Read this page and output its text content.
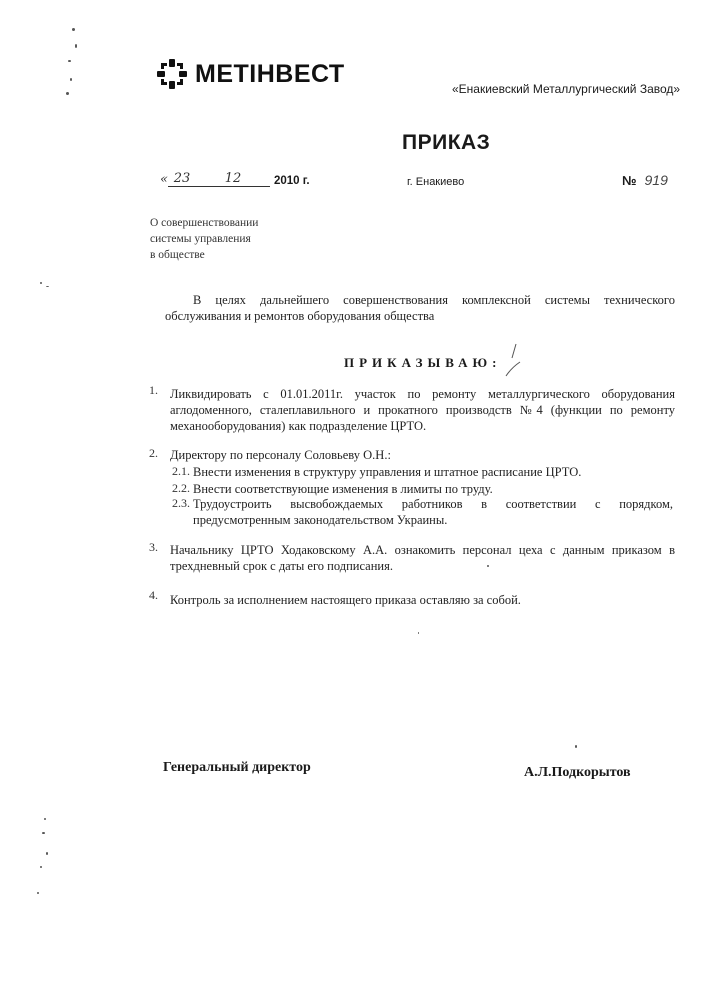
МЕТІНВЕСТ
«Енакиевский Металлургический Завод»
ПРИКАЗ
« 23	12	2010 г.	г. Енакиево	№ 919
О совершенствовании
системы управления
в обществе
В целях дальнейшего совершенствования комплексной системы технического обслуживания и ремонтов оборудования общества
ПРИКАЗЫВАЮ:
1. Ликвидировать с 01.01.2011г. участок по ремонту металлургического оборудования аглодоменного, сталеплавильного и прокатного производств №4 (функции по ремонту механооборудования) как подразделение ЦРТО.
2. Директору по персоналу Соловьеву О.Н.:
2.1. Внести изменения в структуру управления и штатное расписание ЦРТО.
2.2. Внести соответствующие изменения в лимиты по труду.
2.3. Трудоустроить высвобождаемых работников в соответствии с порядком, предусмотренным законодательством Украины.
3. Начальнику ЦРТО Ходаковскому А.А. ознакомить персонал цеха с данным приказом в трехдневный срок с даты его подписания.
4. Контроль за исполнением настоящего приказа оставляю за собой.
Генеральный директор	А.Л.Подкорытов
